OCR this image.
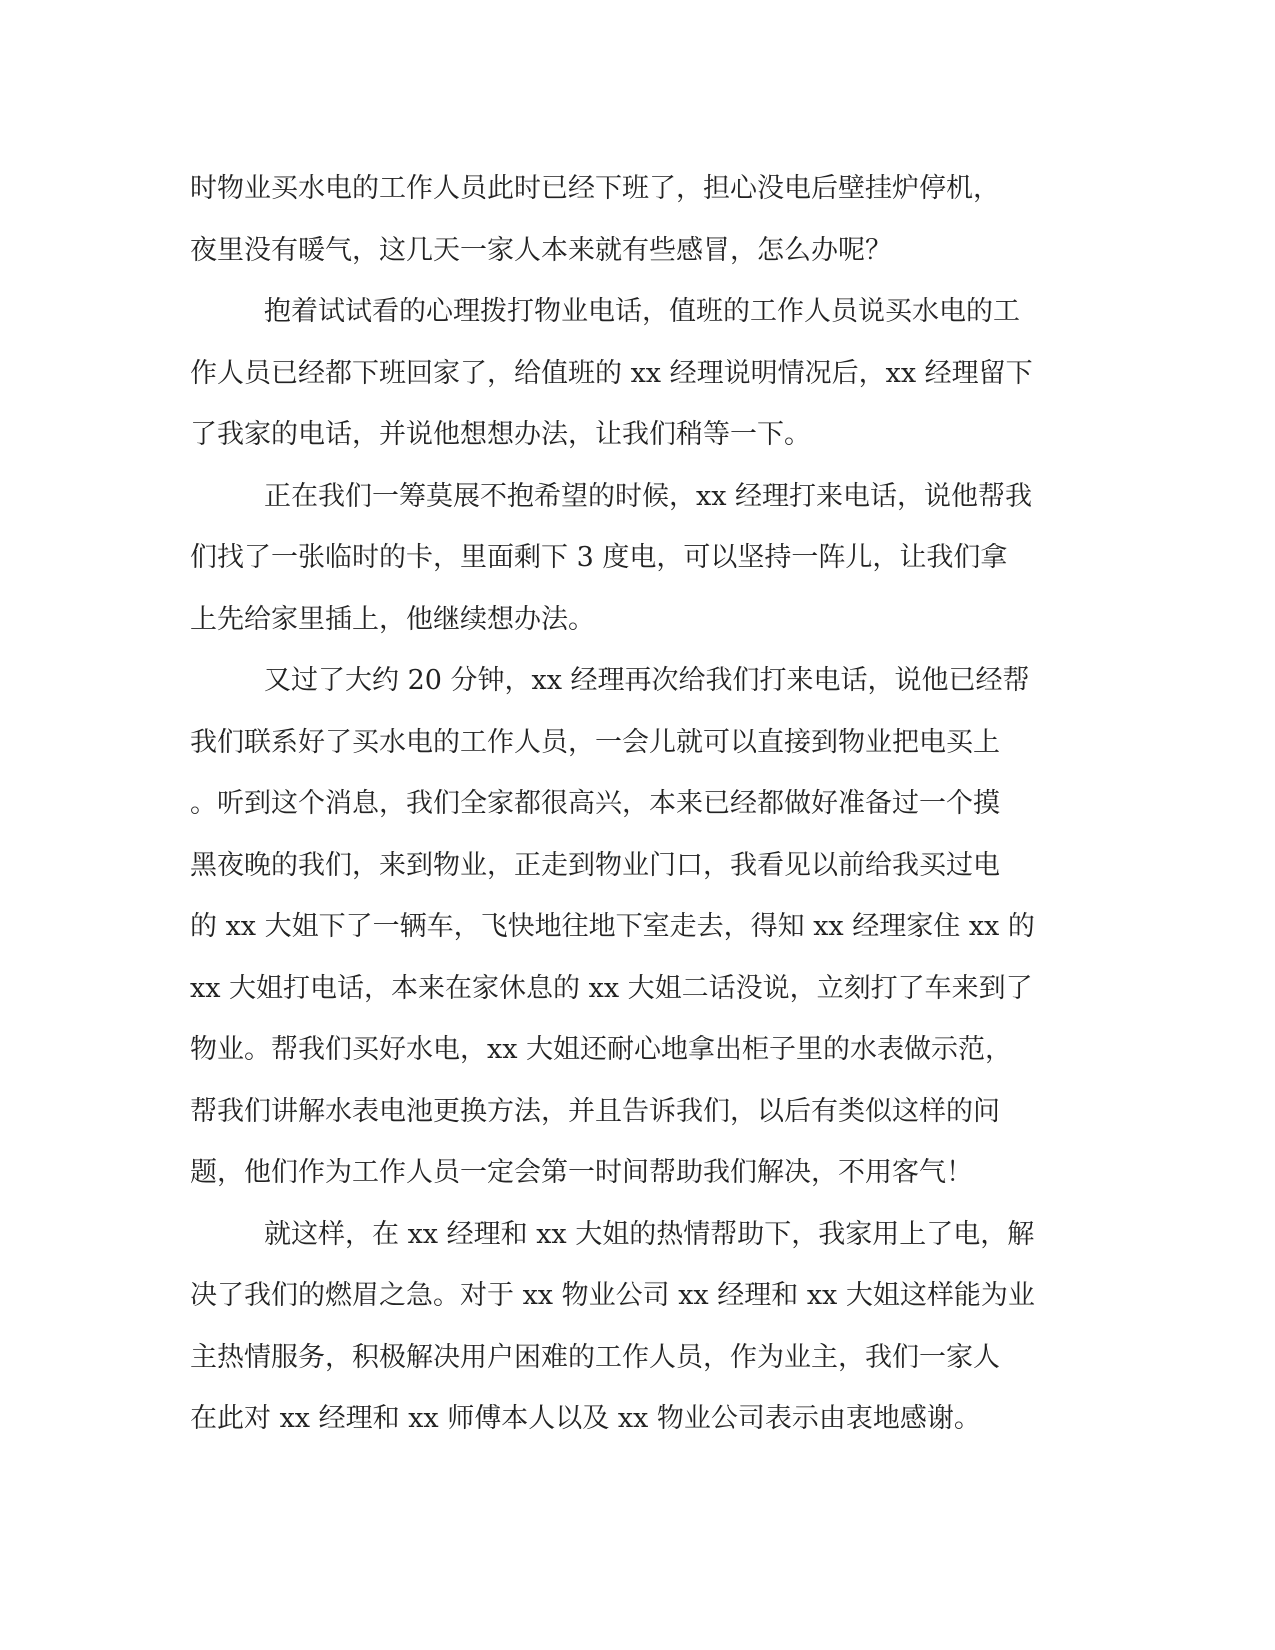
时物业买水电的工作人员此时已经下班了，担心没电后壁挂炉停机，
夜里没有暖气，这几天一家人本来就有些感冒，怎么办呢？
抱着试试看的心理拨打物业电话，值班的工作人员说买水电的工
作人员已经都下班回家了，给值班的 xx 经理说明情况后，xx 经理留下
了我家的电话，并说他想想办法，让我们稍等一下。
正在我们一筹莫展不抱希望的时候，xx 经理打来电话，说他帮我
们找了一张临时的卡，里面剩下 3 度电，可以坚持一阵儿，让我们拿
上先给家里插上，他继续想办法。
又过了大约 20 分钟，xx 经理再次给我们打来电话，说他已经帮
我们联系好了买水电的工作人员，一会儿就可以直接到物业把电买上
。听到这个消息，我们全家都很高兴，本来已经都做好准备过一个摸
黑夜晚的我们，来到物业，正走到物业门口，我看见以前给我买过电
的 xx 大姐下了一辆车，飞快地往地下室走去，得知 xx 经理家住 xx 的
xx 大姐打电话，本来在家休息的 xx 大姐二话没说，立刻打了车来到了
物业。帮我们买好水电，xx 大姐还耐心地拿出柜子里的水表做示范，
帮我们讲解水表电池更换方法，并且告诉我们，以后有类似这样的问
题，他们作为工作人员一定会第一时间帮助我们解决，不用客气！
就这样，在 xx 经理和 xx 大姐的热情帮助下，我家用上了电，解
决了我们的燃眉之急。对于 xx 物业公司 xx 经理和 xx 大姐这样能为业
主热情服务，积极解决用户困难的工作人员，作为业主，我们一家人
在此对 xx 经理和 xx 师傅本人以及 xx 物业公司表示由衷地感谢。
